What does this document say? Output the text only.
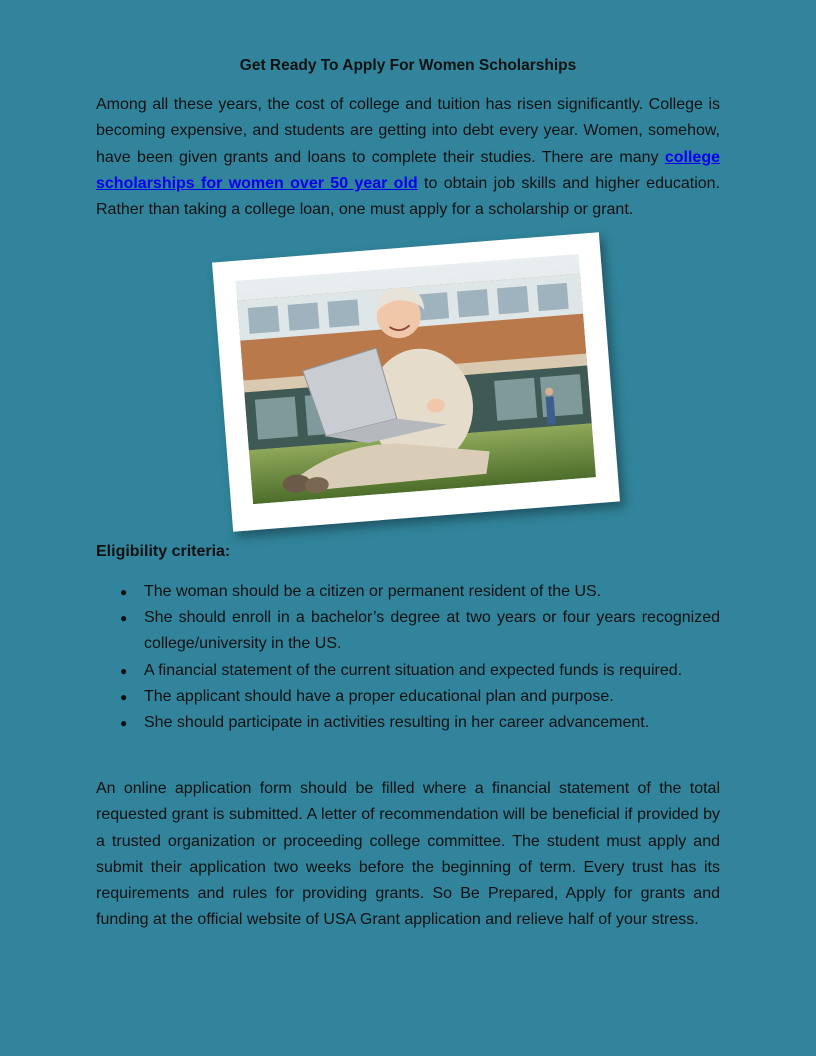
Get Ready To Apply For Women Scholarships

Among all these years, the cost of college and tuition has risen significantly. College is becoming expensive, and students are getting into debt every year. Women, somehow, have been given grants and loans to complete their studies. There are many college scholarships for women over 50 year old to obtain job skills and higher education. Rather than taking a college loan, one must apply for a scholarship or grant.

Eligibility criteria:
● The woman should be a citizen or permanent resident of the US.
● She should enroll in a bachelor’s degree at two years or four years recognized college/university in the US.
● A financial statement of the current situation and expected funds is required.
● The applicant should have a proper educational plan and purpose.
● She should participate in activities resulting in her career advancement.

An online application form should be filled where a financial statement of the total requested grant is submitted. A letter of recommendation will be beneficial if provided by a trusted organization or proceeding college committee. The student must apply and submit their application two weeks before the beginning of term. Every trust has its requirements and rules for providing grants. So Be Prepared, Apply for grants and funding at the official website of USA Grant application and relieve half of your stress.
